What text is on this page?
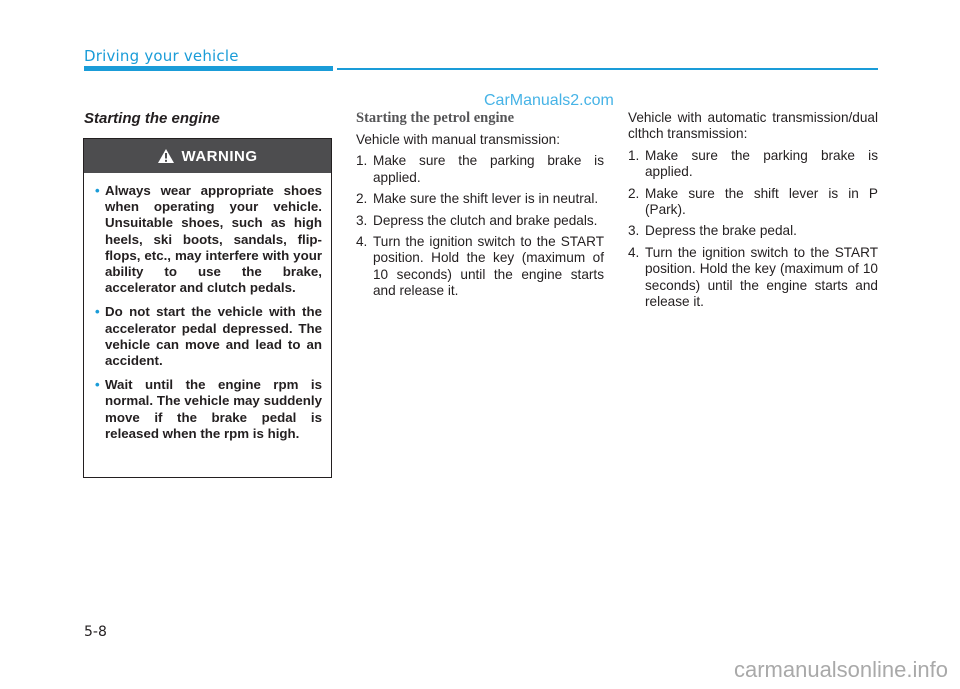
Driving your vehicle
CarManuals2.com
Starting the engine
WARNING
• Always wear appropriate shoes when operating your vehicle. Unsuitable shoes, such as high heels, ski boots, sandals, flip-flops, etc., may interfere with your ability to use the brake, accelerator and clutch pedals.
• Do not start the vehicle with the accelerator pedal depressed. The vehicle can move and lead to an accident.
• Wait until the engine rpm is normal. The vehicle may suddenly move if the brake pedal is released when the rpm is high.
Starting the petrol engine

Vehicle with manual transmission:

1. Make sure the parking brake is applied.
2. Make sure the shift lever is in neutral.
3. Depress the clutch and brake pedals.
4. Turn the ignition switch to the START position. Hold the key (maximum of 10 seconds) until the engine starts and release it.

Vehicle with automatic transmission/dual clthch transmission:

1. Make sure the parking brake is applied.
2. Make sure the shift lever is in P (Park).
3. Depress the brake pedal.
4. Turn the ignition switch to the START position. Hold the key (maximum of 10 seconds) until the engine starts and release it.
5-8
carmanualsonline.info
